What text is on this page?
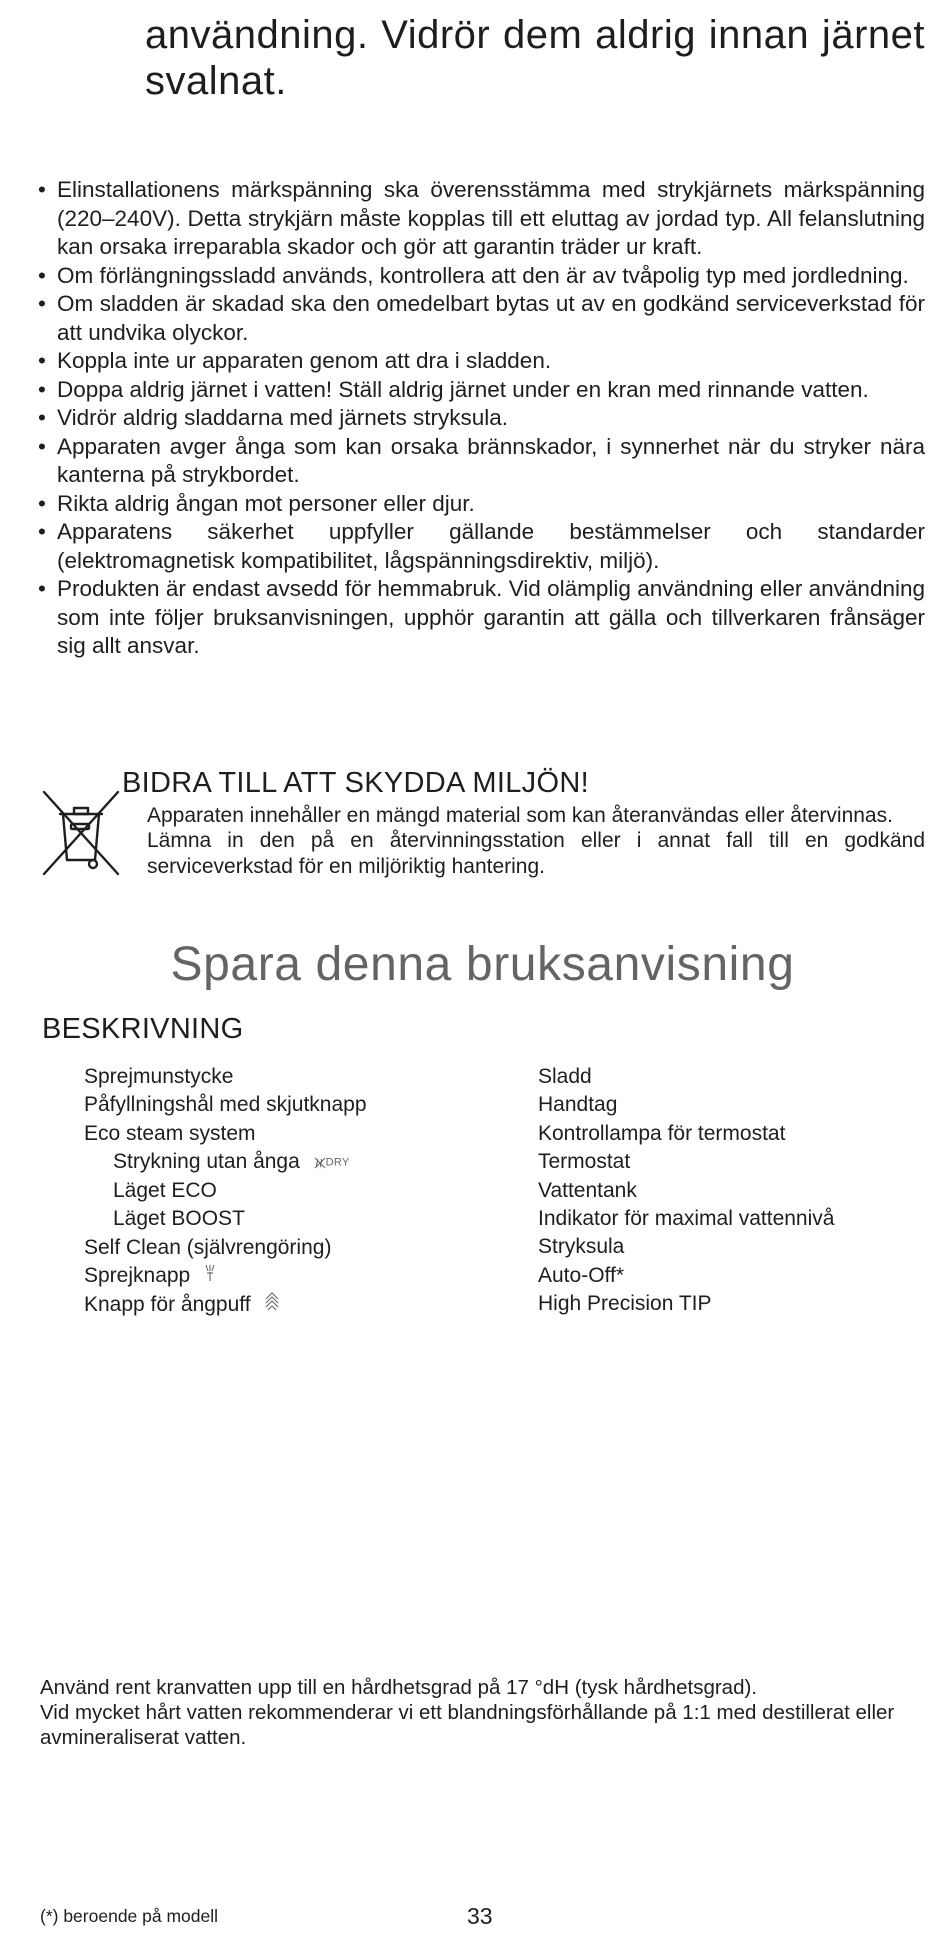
användning. Vidrör dem aldrig innan järnet svalnat.
• Elinstallationens märkspänning ska överensstämma med strykjärnets märkspänning (220–240V). Detta strykjärn måste kopplas till ett eluttag av jordad typ. All felanslutning kan orsaka irreparabla skador och gör att garantin träder ur kraft.
• Om förlängningssladd används, kontrollera att den är av tvåpolig typ med jordledning.
• Om sladden är skadad ska den omedelbart bytas ut av en godkänd serviceverkstad för att undvika olyckor.
• Koppla inte ur apparaten genom att dra i sladden.
• Doppa aldrig järnet i vatten! Ställ aldrig järnet under en kran med rinnande vatten.
• Vidrör aldrig sladdarna med järnets stryksula.
• Apparaten avger ånga som kan orsaka brännskador, i synnerhet när du stryker nära kanterna på strykbordet.
• Rikta aldrig ångan mot personer eller djur.
• Apparatens säkerhet uppfyller gällande bestämmelser och standarder (elektromagnetisk kompatibilitet, lågspänningsdirektiv, miljö).
• Produkten är endast avsedd för hemmabruk. Vid olämplig användning eller användning som inte följer bruksanvisningen, upphör garantin att gälla och tillverkaren frånsäger sig allt ansvar.
BIDRA TILL ATT SKYDDA MILJÖN!

Apparaten innehåller en mängd material som kan återanvändas eller återvinnas.

Lämna in den på en återvinningsstation eller i annat fall till en godkänd serviceverkstad för en miljöriktig hantering.

Spara denna bruksanvisning
BESKRIVNING
Sprejmunstycke
Påfyllningshål med skjutknapp
Eco steam system
Strykning utan ånga DRY
Läget ECO
Läget BOOST
Self Clean (självrengöring)
Sprejknapp
Knapp för ångpuff
Sladd
Handtag
Kontrollampa för termostat
Termostat
Vattentank
Indikator för maximal vattennivå
Stryksula
Auto-Off*
High Precision TIP

Använd rent kranvatten upp till en hårdhetsgrad på 17 °dH (tysk hårdhetsgrad).

Vid mycket hårt vatten rekommenderar vi ett blandningsförhållande på 1:1 med destillerat eller avmineraliserat vatten.

(*) beroende på modell	33
